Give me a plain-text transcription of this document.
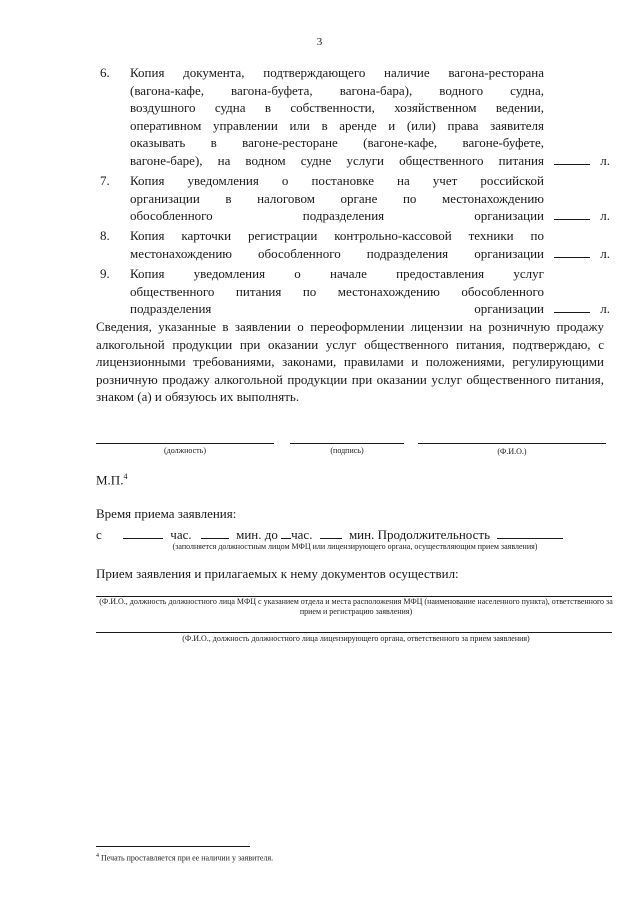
3
6. Копия документа, подтверждающего наличие вагона-ресторана
(вагона-кафе, вагона-буфета, вагона-бара), водного судна,
воздушного судна в собственности, хозяйственном ведении,
оперативном управлении или в аренде и (или) права заявителя
оказывать в вагоне-ресторане (вагоне-кафе, вагоне-буфете,
вагоне-баре), на водном судне услуги общественного питания	л.
7. Копия уведомления о постановке на учет российской
организации в налоговом органе по местонахождению
обособленного подразделения организации	л.
8. Копия карточки регистрации контрольно-кассовой техники по
местонахождению обособленного подразделения организации	л.
9. Копия уведомления о начале предоставления услуг
общественного питания по местонахождению обособленного
подразделения организации	л.
Сведения, указанные в заявлении о переоформлении лицензии на розничную продажу алкогольной продукции при оказании услуг общественного питания, подтверждаю, с лицензионными требованиями, законами, правилами и положениями, регулирующими розничную продажу алкогольной продукции при оказании услуг общественного питания, знаком (а) и обязуюсь их выполнять.
(должность)	(подпись)	(Ф.И.О.)
М.П.$^4$
Время приема заявления:
с	час.	мин. до час.	мин. Продолжительность
(заполняется должностным лицом МФЦ или лицензирующего органа, осуществляющим прием заявления)
Прием заявления и прилагаемых к нему документов осуществил:
(Ф.И.О., должность должностного лица МФЦ с указанием отдела и места расположения МФЦ (наименование населенного пункта), ответственного за прием и регистрацию заявления)
(Ф.И.О., должность должностного лица лицензирующего органа, ответственного за прием заявления)
$^4$ Печать проставляется при ее наличии у заявителя.
